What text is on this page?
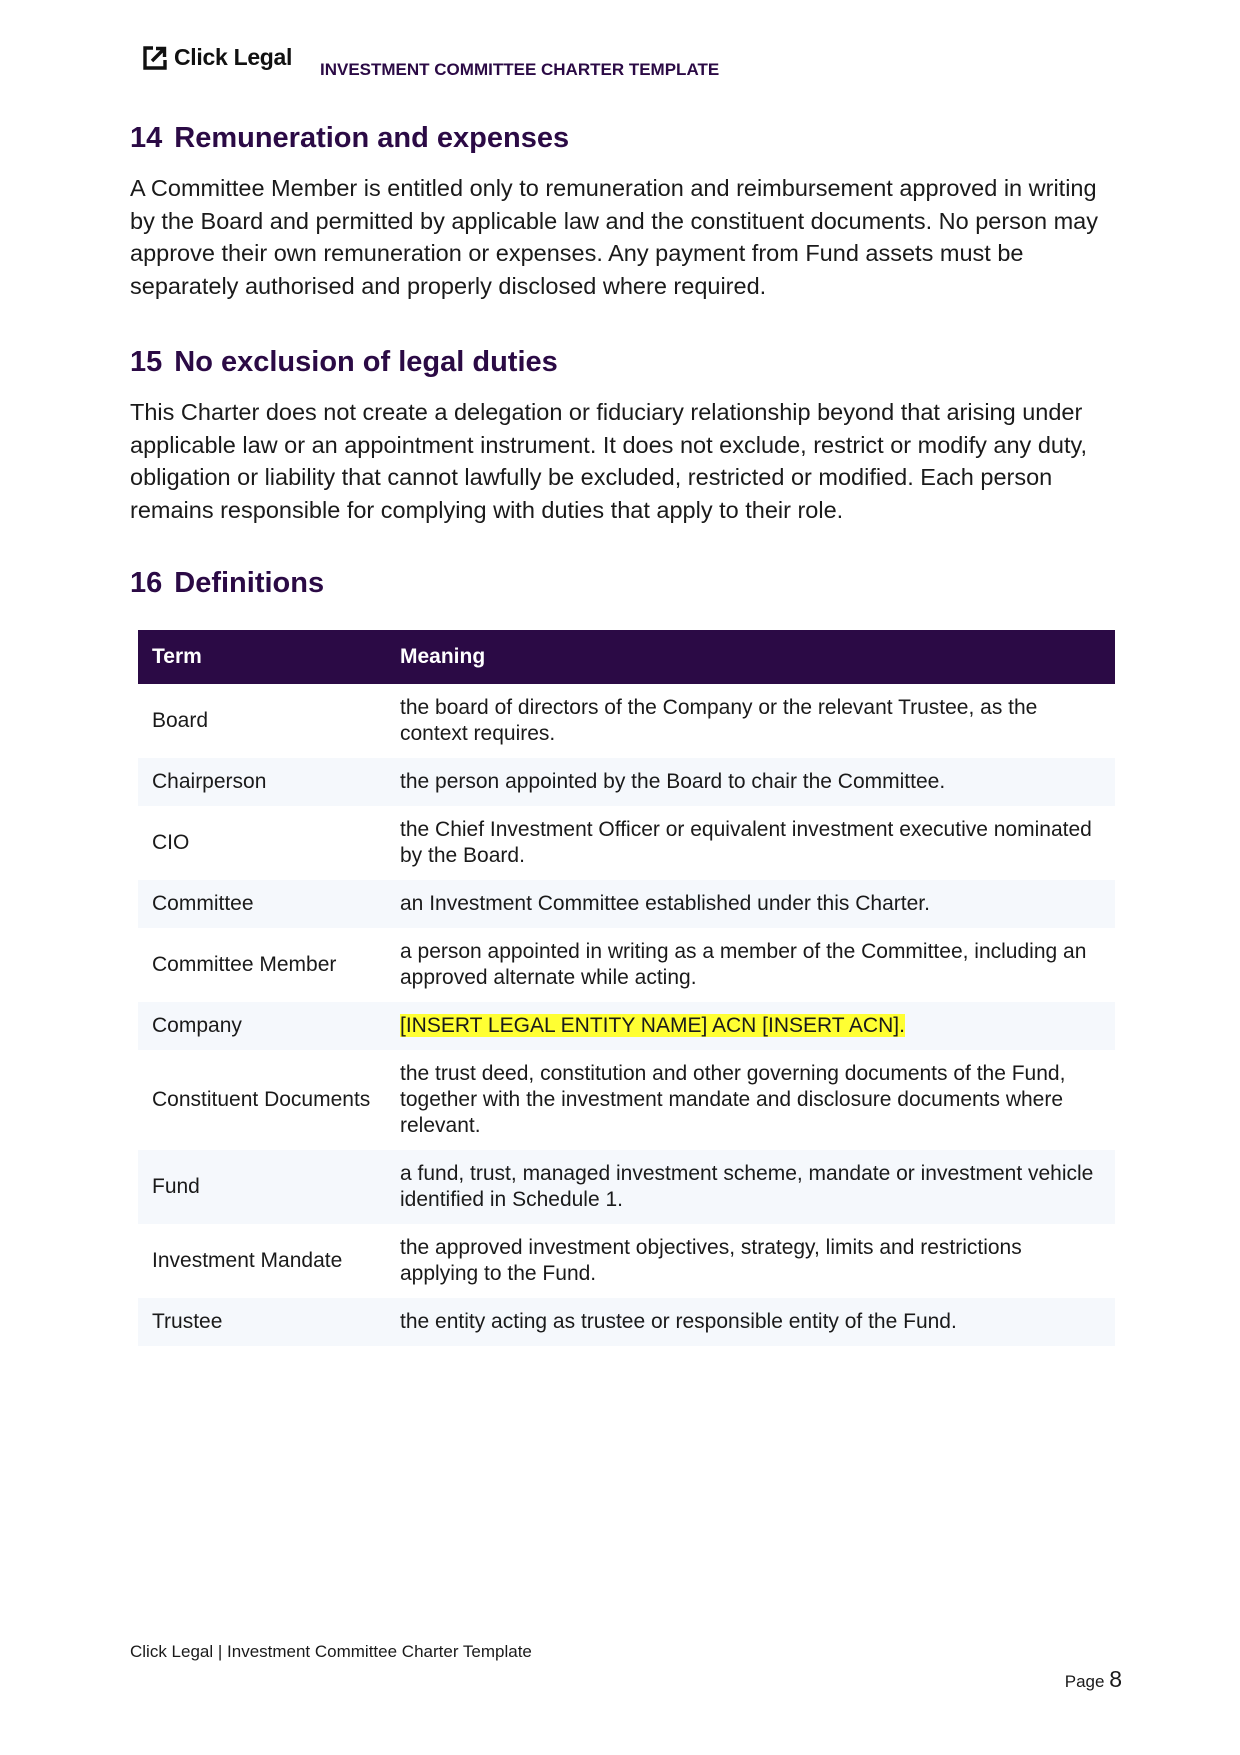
Click Legal INVESTMENT COMMITTEE CHARTER TEMPLATE
14 Remuneration and expenses

A Committee Member is entitled only to remuneration and reimbursement approved in writing by the Board and permitted by applicable law and the constituent documents. No person may approve their own remuneration or expenses. Any payment from Fund assets must be separately authorised and properly disclosed where required.

15 No exclusion of legal duties

This Charter does not create a delegation or fiduciary relationship beyond that arising under applicable law or an appointment instrument. It does not exclude, restrict or modify any duty, obligation or liability that cannot lawfully be excluded, restricted or modified. Each person remains responsible for complying with duties that apply to their role.

16 Definitions
Term	Meaning
Board	the board of directors of the Company or the relevant Trustee, as the context requires.
Chairperson	the person appointed by the Board to chair the Committee.
CIO	the Chief Investment Officer or equivalent investment executive nominated by the Board.
Committee	an Investment Committee established under this Charter.
Committee Member	a person appointed in writing as a member of the Committee, including an approved alternate while acting.
Company	[INSERT LEGAL ENTITY NAME] ACN [INSERT ACN].
Constituent Documents	the trust deed, constitution and other governing documents of the Fund, together with the investment mandate and disclosure documents where relevant.
Fund	a fund, trust, managed investment scheme, mandate or investment vehicle identified in Schedule 1.
Investment Mandate	the approved investment objectives, strategy, limits and restrictions applying to the Fund.
Trustee	the entity acting as trustee or responsible entity of the Fund.
Click Legal | Investment Committee Charter Template
Page 8
